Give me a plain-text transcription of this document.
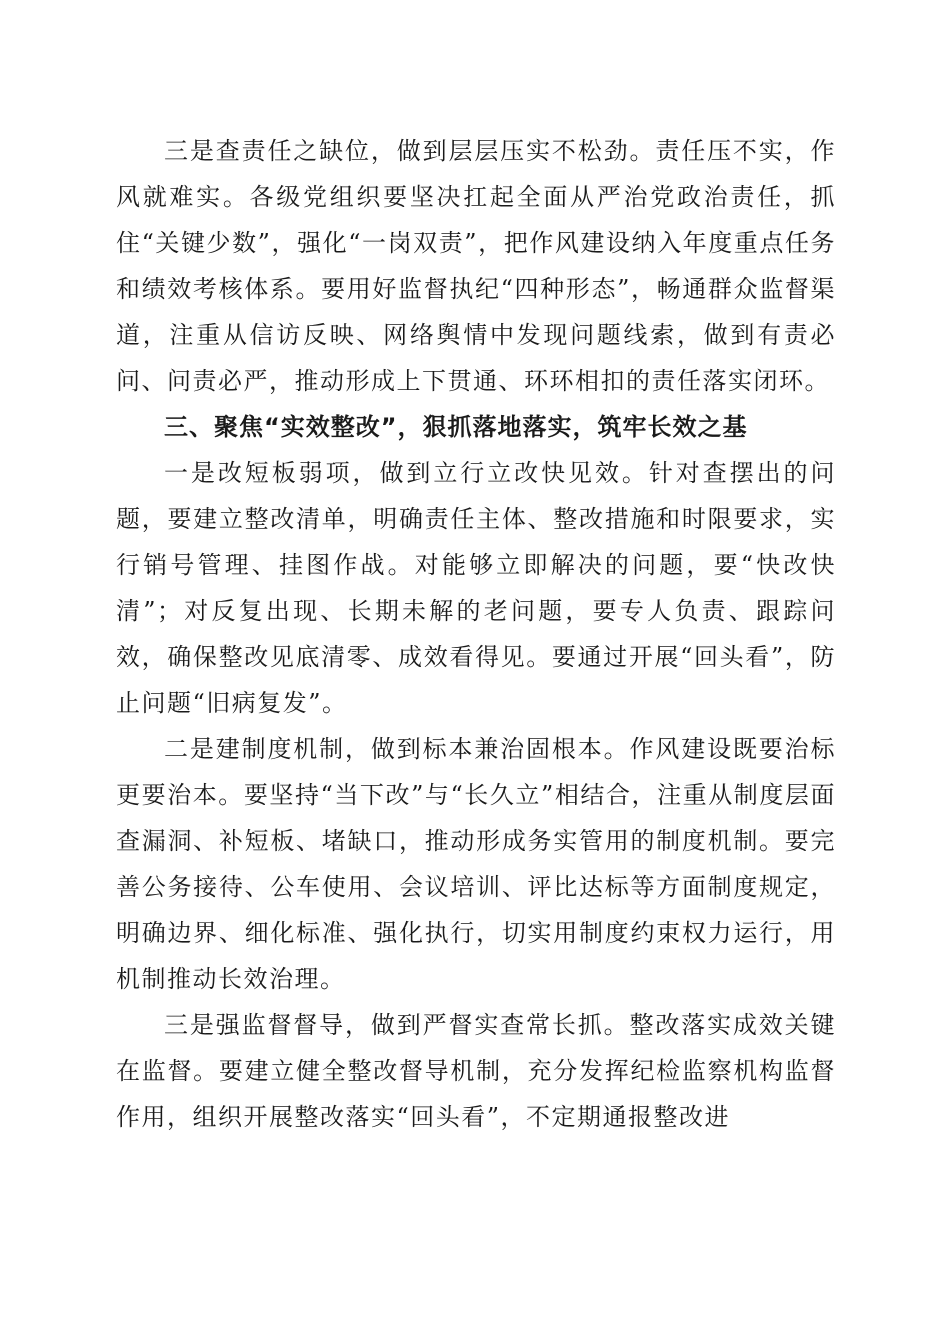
三是查责任之缺位，做到层层压实不松劲。责任压不实，作风就难实。各级党组织要坚决扛起全面从严治党政治责任，抓住“关键少数”，强化“一岗双责”，把作风建设纳入年度重点任务和绩效考核体系。要用好监督执纪“四种形态”，畅通群众监督渠道，注重从信访反映、网络舆情中发现问题线索，做到有责必问、问责必严，推动形成上下贯通、环环相扣的责任落实闭环。

三、聚焦“实效整改”，狠抓落地落实，筑牢长效之基

一是改短板弱项，做到立行立改快见效。针对查摆出的问题，要建立整改清单，明确责任主体、整改措施和时限要求，实行销号管理、挂图作战。对能够立即解决的问题，要“快改快清”；对反复出现、长期未解的老问题，要专人负责、跟踪问效，确保整改见底清零、成效看得见。要通过开展“回头看”，防止问题“旧病复发”。

二是建制度机制，做到标本兼治固根本。作风建设既要治标更要治本。要坚持“当下改”与“长久立”相结合，注重从制度层面查漏洞、补短板、堵缺口，推动形成务实管用的制度机制。要完善公务接待、公车使用、会议培训、评比达标等方面制度规定，明确边界、细化标准、强化执行，切实用制度约束权力运行，用机制推动长效治理。

三是强监督督导，做到严督实查常长抓。整改落实成效关键在监督。要建立健全整改督导机制，充分发挥纪检监察机构监督作用，组织开展整改落实“回头看”，不定期通报整改进
